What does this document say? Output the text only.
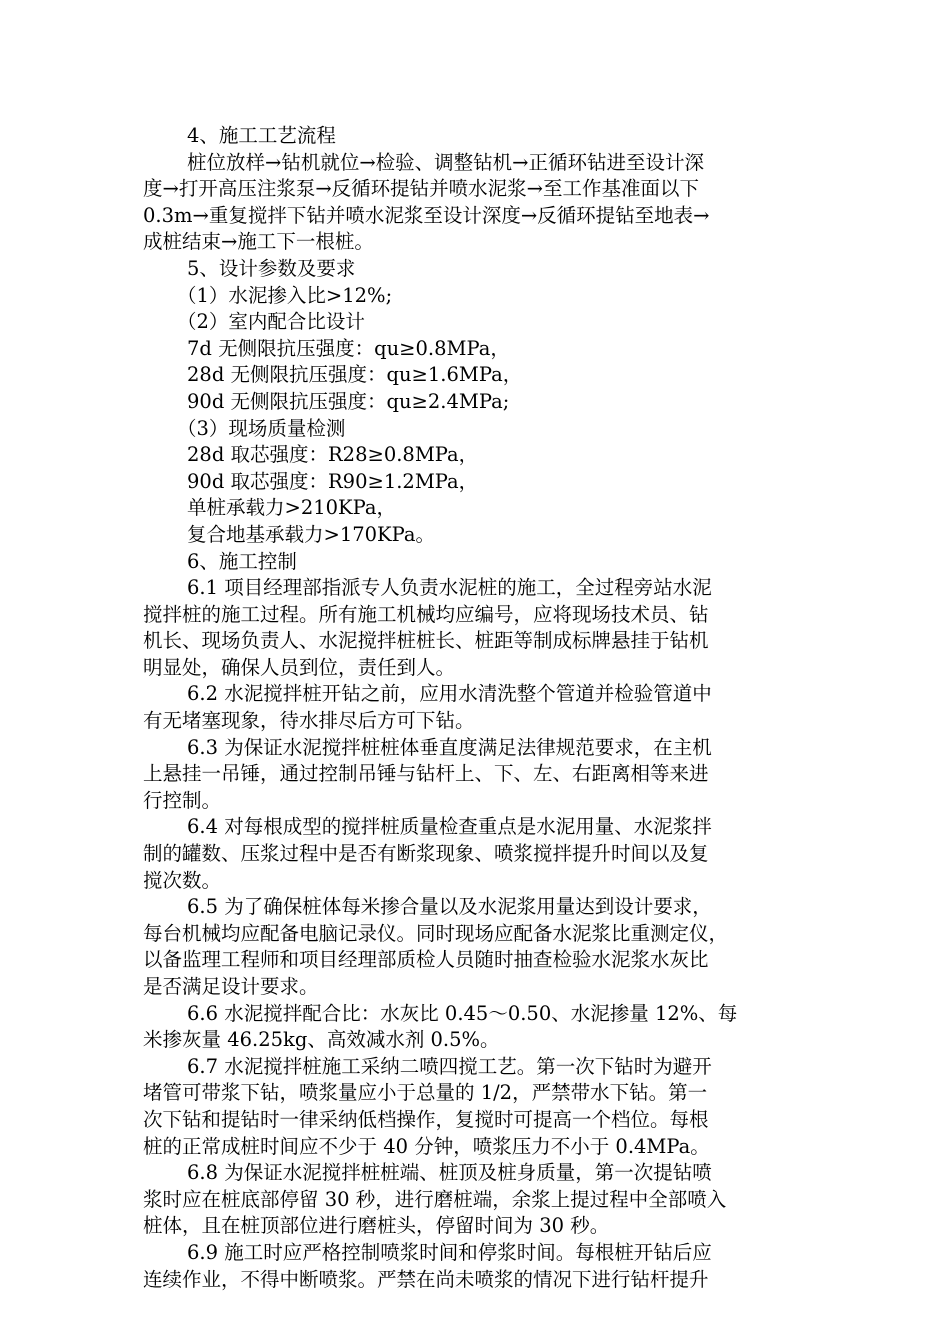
4、施工工艺流程
桩位放样→钻机就位→检验、调整钻机→正循环钻进至设计深
度→打开高压注浆泵→反循环提钻并喷水泥浆→至工作基准面以下
0.3m→重复搅拌下钻并喷水泥浆至设计深度→反循环提钻至地表→
成桩结束→施工下一根桩。
5、设计参数及要求
（1）水泥掺入比>12%;
（2）室内配合比设计
7d 无侧限抗压强度：qu≥0.8MPa，
28d 无侧限抗压强度：qu≥1.6MPa，
90d 无侧限抗压强度：qu≥2.4MPa;
（3）现场质量检测
28d 取芯强度：R28≥0.8MPa，
90d 取芯强度：R90≥1.2MPa，
单桩承载力>210KPa，
复合地基承载力>170KPa。
6、施工控制
6.1 项目经理部指派专人负责水泥桩的施工，全过程旁站水泥
搅拌桩的施工过程。所有施工机械均应编号，应将现场技术员、钻
机长、现场负责人、水泥搅拌桩桩长、桩距等制成标牌悬挂于钻机
明显处，确保人员到位，责任到人。
6.2 水泥搅拌桩开钻之前，应用水清洗整个管道并检验管道中
有无堵塞现象，待水排尽后方可下钻。
6.3 为保证水泥搅拌桩桩体垂直度满足法律规范要求，在主机
上悬挂一吊锤，通过控制吊锤与钻杆上、下、左、右距离相等来进
行控制。
6.4 对每根成型的搅拌桩质量检查重点是水泥用量、水泥浆拌
制的罐数、压浆过程中是否有断浆现象、喷浆搅拌提升时间以及复
搅次数。
6.5 为了确保桩体每米掺合量以及水泥浆用量达到设计要求，
每台机械均应配备电脑记录仪。同时现场应配备水泥浆比重测定仪，
以备监理工程师和项目经理部质检人员随时抽查检验水泥浆水灰比
是否满足设计要求。
6.6 水泥搅拌配合比：水灰比 0.45～0.50、水泥掺量 12%、每
米掺灰量 46.25kg、高效减水剂 0.5%。
6.7 水泥搅拌桩施工采纳二喷四搅工艺。第一次下钻时为避开
堵管可带浆下钻，喷浆量应小于总量的 1/2，严禁带水下钻。第一
次下钻和提钻时一律采纳低档操作，复搅时可提高一个档位。每根
桩的正常成桩时间应不少于 40 分钟，喷浆压力不小于 0.4MPa。
6.8 为保证水泥搅拌桩桩端、桩顶及桩身质量，第一次提钻喷
浆时应在桩底部停留 30 秒，进行磨桩端，余浆上提过程中全部喷入
桩体，且在桩顶部位进行磨桩头，停留时间为 30 秒。
6.9 施工时应严格控制喷浆时间和停浆时间。每根桩开钻后应
连续作业，不得中断喷浆。严禁在尚未喷浆的情况下进行钻杆提升
